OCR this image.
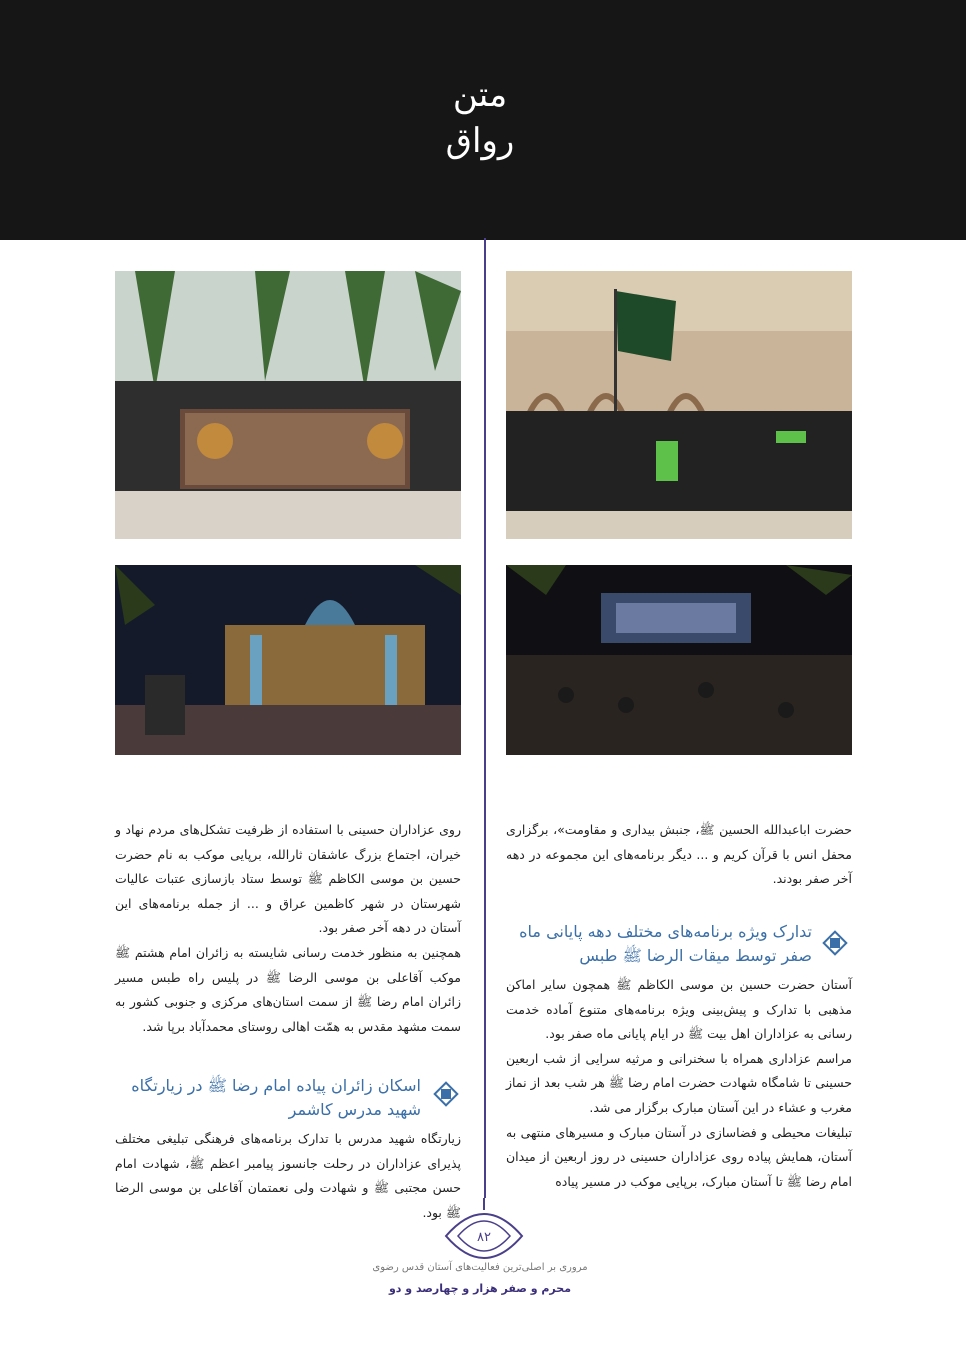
متن
رواق

حضرت اباعبدالله الحسین ﷺ، جنبش بیداری و مقاومت»، برگزاری محفل انس با قرآن کریم و ... دیگر برنامه‌های این مجموعه در دهه آخر صفر بودند.

تدارک ویژه برنامه‌های مختلف دهه پایانی ماه صفر توسط میقات الرضا ﷺ طبس

آستان حضرت حسین بن موسی الکاظم ﷺ همچون سایر اماکن مذهبی با تدارک و پیش‌بینی ویژه برنامه‌های متنوع آماده خدمت رسانی به عزاداران اهل بیت ﷺ در ایام پایانی ماه صفر بود.

مراسم عزاداری همراه با سخنرانی و مرثیه سرایی از شب اربعین حسینی تا شامگاه شهادت حضرت امام رضا ﷺ هر شب بعد از نماز مغرب و عشاء در این آستان مبارک برگزار می شد.

تبلیغات محیطی و فضاسازی در آستان مبارک و مسیرهای منتهی به آستان، همایش پیاده روی عزاداران حسینی در روز اربعین از میدان امام رضا ﷺ تا آستان مبارک، برپایی موکب در مسیر پیاده

روی عزاداران حسینی با استفاده از ظرفیت تشکل‌های مردم نهاد و خیران، اجتماع بزرگ عاشقان ثارالله، برپایی موکب به نام حضرت حسین بن موسی الکاظم ﷺ توسط ستاد بازسازی عتبات عالیات شهرستان در شهر کاظمین عراق و ... از جمله برنامه‌های این آستان در دهه آخر صفر بود.

همچنین به منظور خدمت رسانی شایسته به زائران امام هشتم ﷺ موکب آقاعلی بن موسی الرضا ﷺ در پلیس راه طبس مسیر زائران امام رضا ﷺ از سمت استان‌های مرکزی و جنوبی کشور به سمت مشهد مقدس به همّت اهالی روستای محمدآباد برپا شد.

اسکان زائران پیاده امام رضا ﷺ در زیارتگاه شهید مدرس کاشمر

زیارتگاه شهید مدرس با تدارک برنامه‌های فرهنگی تبلیغی مختلف پذیرای عزاداران در رحلت جانسوز پیامبر اعظم ﷺ، شهادت امام حسن مجتبی ﷺ و شهادت ولی نعمتمان آقاعلی بن موسی الرضا ﷺ بود.

۸۲
مروری بر اصلی‌ترین فعالیت‌های آستان قدس رضوی
محرم و صفر هزار و چهارصد و دو
